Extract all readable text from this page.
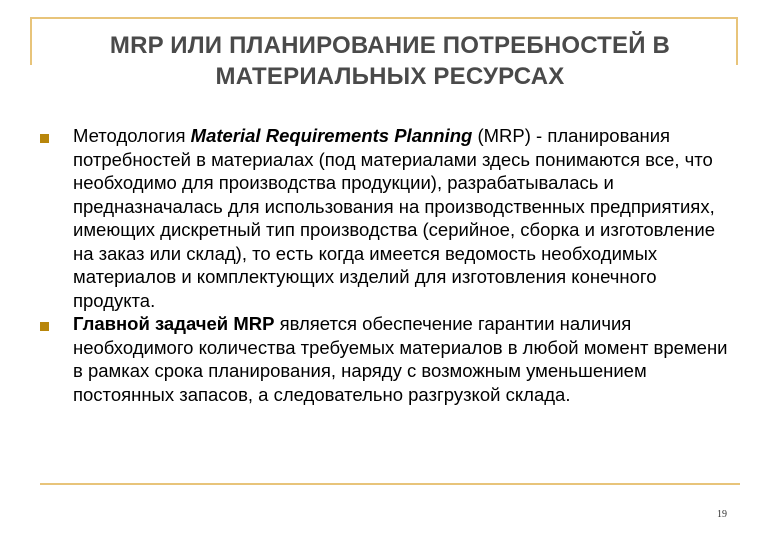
MRP ИЛИ ПЛАНИРОВАНИЕ ПОТРЕБНОСТЕЙ В
МАТЕРИАЛЬНЫХ РЕСУРСАХ
Методология Material Requirements Planning (MRP) - планирования потребностей в материалах (под материалами здесь понимаются все, что необходимо для производства продукции), разрабатывалась и предназначалась для использования на производственных предприятиях, имеющих дискретный тип производства (серийное, сборка и изготовление на заказ или склад), то есть когда имеется ведомость необходимых материалов и комплектующих изделий для изготовления конечного продукта.
Главной задачей MRP является обеспечение гарантии наличия необходимого количества требуемых материалов в любой момент времени в рамках срока планирования, наряду с возможным уменьшением постоянных запасов, а следовательно разгрузкой склада.
19
